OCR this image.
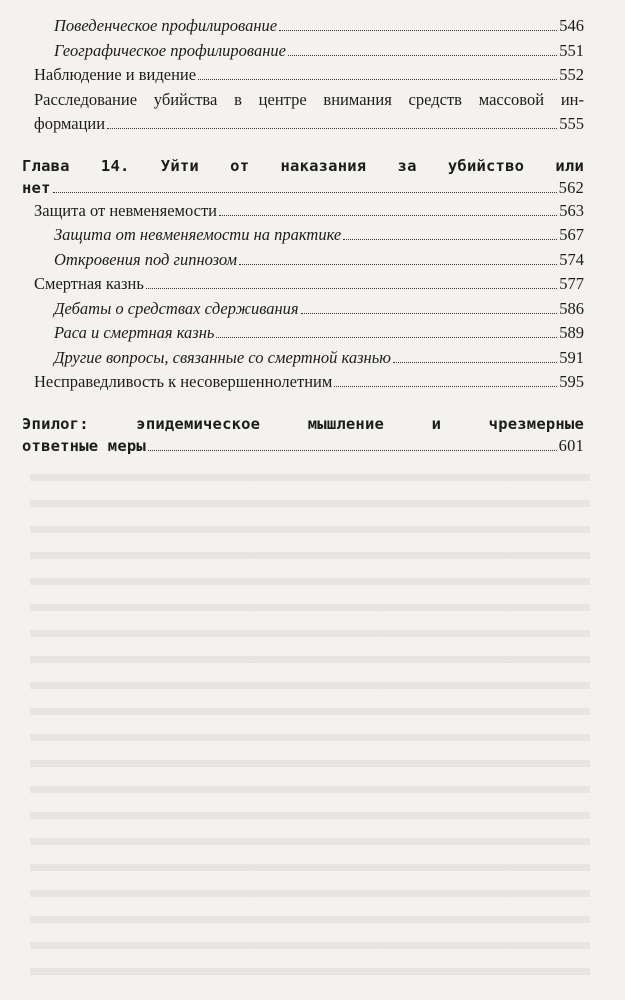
Поведенческое профилирование	546
Географическое профилирование	551
Наблюдение и видение	552
Расследование убийства в центре внимания средств массовой ин-
формации	555
Глава 14. Уйти от наказания за убийство или
нет	562
Защита от невменяемости	563
Защита от невменяемости на практике	567
Откровения под гипнозом	574
Смертная казнь	577
Дебаты о средствах сдерживания	586
Раса и смертная казнь	589
Другие вопросы, связанные со смертной казнью	591
Несправедливость к несовершеннолетним	595
Эпилог: эпидемическое мышление и чрезмерные
ответные меры	601
